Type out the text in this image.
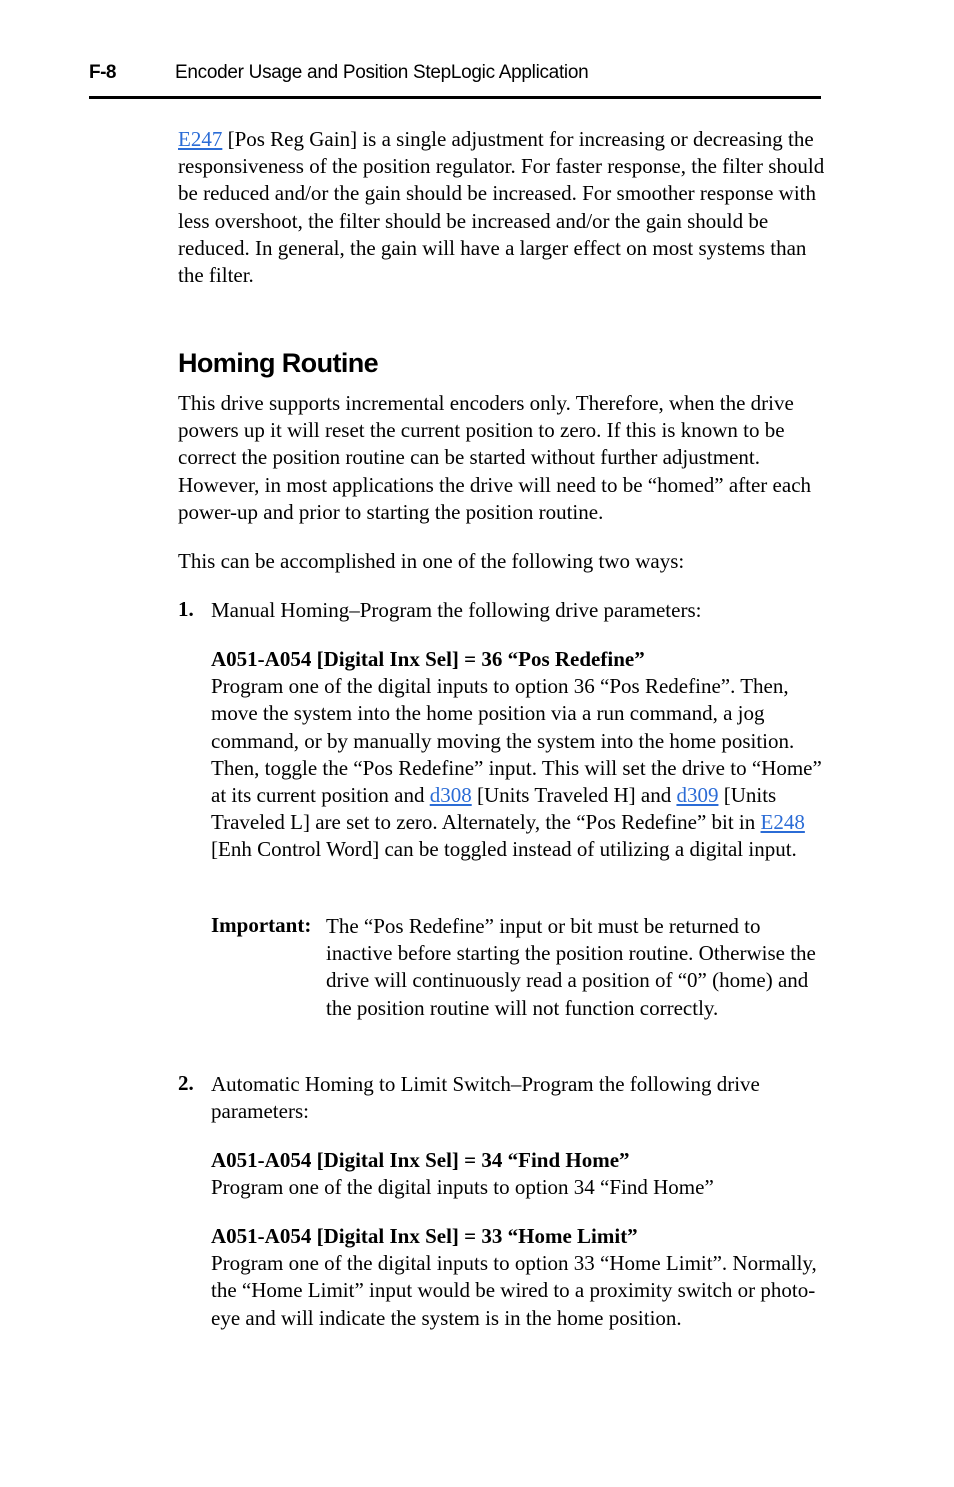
F-8	Encoder Usage and Position StepLogic Application

E247 [Pos Reg Gain] is a single adjustment for increasing or decreasing the responsiveness of the position regulator. For faster response, the filter should be reduced and/or the gain should be increased. For smoother response with less overshoot, the filter should be increased and/or the gain should be reduced. In general, the gain will have a larger effect on most systems than the filter.

Homing Routine

This drive supports incremental encoders only. Therefore, when the drive powers up it will reset the current position to zero. If this is known to be correct the position routine can be started without further adjustment. However, in most applications the drive will need to be “homed” after each power-up and prior to starting the position routine.

This can be accomplished in one of the following two ways:

1. Manual Homing–Program the following drive parameters:

A051-A054 [Digital Inx Sel] = 36 “Pos Redefine”
Program one of the digital inputs to option 36 “Pos Redefine”. Then, move the system into the home position via a run command, a jog command, or by manually moving the system into the home position. Then, toggle the “Pos Redefine” input. This will set the drive to “Home” at its current position and d308 [Units Traveled H] and d309 [Units Traveled L] are set to zero. Alternately, the “Pos Redefine” bit in E248 [Enh Control Word] can be toggled instead of utilizing a digital input.
Important: The “Pos Redefine” input or bit must be returned to inactive before starting the position routine. Otherwise the drive will continuously read a position of “0” (home) and the position routine will not function correctly.

2. Automatic Homing to Limit Switch–Program the following drive parameters:

A051-A054 [Digital Inx Sel] = 34 “Find Home”
Program one of the digital inputs to option 34 “Find Home”
A051-A054 [Digital Inx Sel] = 33 “Home Limit”
Program one of the digital inputs to option 33 “Home Limit”. Normally, the “Home Limit” input would be wired to a proximity switch or photo-eye and will indicate the system is in the home position.
